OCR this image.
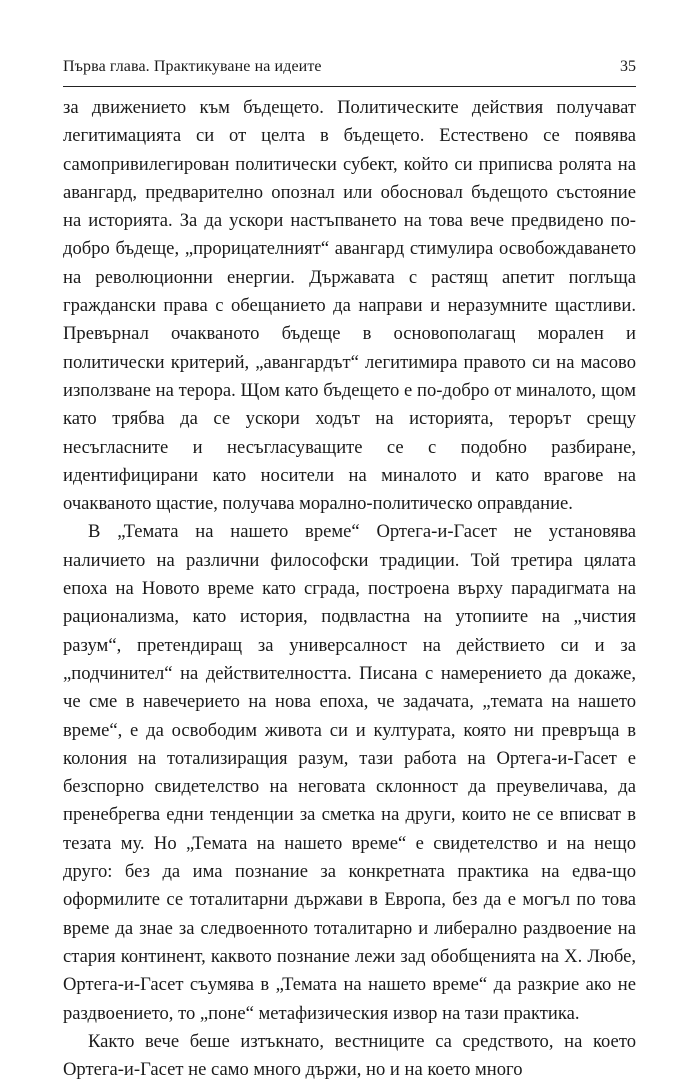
Първа глава. Практикуване на идеите	35

за движението към бъдещето. Политическите действия получават легитимацията си от целта в бъдещето. Естествено се появява самопривилегирован политически субект, който си приписва ролята на авангард, предварително опознал или обосновал бъдещото състояние на историята. За да ускори настъпването на това вече предвидено по-добро бъдеще, „прорицателният“ авангард стимулира освобождаването на революционни енергии. Държавата с растящ апетит поглъща граждански права с обещанието да направи и неразумните щастливи. Превърнал очакваното бъдеще в основополагащ морален и политически критерий, „авангардът“ легитимира правото си на масово използване на терора. Щом като бъдещето е по-добро от миналото, щом като трябва да се ускори ходът на историята, терорът срещу несъгласните и несъгласуващите се с подобно разбиране, идентифицирани като носители на миналото и като врагове на очакваното щастие, получава морално-политическо оправдание.

В „Темата на нашето време“ Ортега-и-Гасет не установява наличието на различни философски традиции. Той третира цялата епоха на Новото време като сграда, построена върху парадигмата на рационализма, като история, подвластна на утопиите на „чистия разум“, претендиращ за универсалност на действието си и за „подчинител“ на действителността. Писана с намерението да докаже, че сме в навечерието на нова епоха, че задачата, „темата на нашето време“, е да освободим живота си и културата, която ни превръща в колония на тотализиращия разум, тази работа на Ортега-и-Гасет е безспорно свидетелство на неговата склонност да преувеличава, да пренебрегва едни тенденции за сметка на други, които не се вписват в тезата му. Но „Темата на нашето време“ е свидетелство и на нещо друго: без да има познание за конкретната практика на едва-що оформилите се тоталитарни държави в Европа, без да е могъл по това време да знае за следвоенното тоталитарно и либерално раздвоение на стария континент, каквото познание лежи зад обобщенията на Х. Любе, Ортега-и-Гасет съумява в „Темата на нашето време“ да разкрие ако не раздвоението, то „поне“ метафизическия извор на тази практика.

Както вече беше изтъкнато, вестниците са средството, на което Ортега-и-Гасет не само много държи, но и на което много
